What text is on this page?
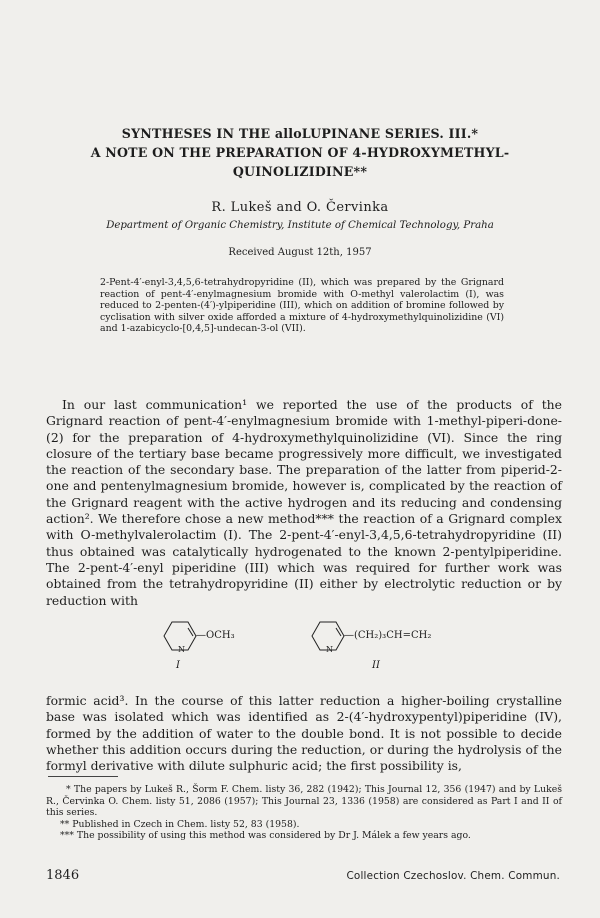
SYNTHESES IN THE alloLUPINANE SERIES. III.*
A NOTE ON THE PREPARATION OF 4-HYDROXYMETHYL-
QUINOLIZIDINE**
R. Lukeš and O. Červinka
Department of Organic Chemistry, Institute of Chemical Technology, Praha
Received August 12th, 1957

2-Pent-4′-enyl-3,4,5,6-tetrahydropyridine (II), which was prepared by the Grignard reaction of pent-4′-enylmagnesium bromide with O-methyl valerolactim (I), was reduced to 2-penten-(4′)-ylpiperidine (III), which on addition of bromine followed by cyclisation with silver oxide afforded a mixture of 4-hydroxymethylquinolizidine (VI) and 1-azabicyclo-[0,4,5]-undecan-3-ol (VII).

In our last communication¹ we reported the use of the products of the Grignard reaction of pent-4′-enylmagnesium bromide with 1-methyl-piperi-done-(2) for the preparation of 4-hydroxymethylquinolizidine (VI). Since the ring closure of the tertiary base became progressively more difficult, we investigated the reaction of the secondary base. The preparation of the latter from piperid-2-one and pentenylmagnesium bromide, however is, complicated by the reaction of the Grignard reagent with the active hydrogen and its reducing and condensing action². We therefore chose a new method*** the reaction of a Grignard complex with O-methylvalerolactim (I). The 2-pent-4′-enyl-3,4,5,6-tetrahydropyridine (II) thus obtained was catalytically hydrogenated to the known 2-pentylpiperidine. The 2-pent-4′-enyl piperidine (III) which was required for further work was obtained from the tetrahydropyridine (II) either by electrolytic reduction or by reduction with

N
—OCH₃
I
N
—(CH₂)₃CH=CH₂
II

formic acid³. In the course of this latter reduction a higher-boiling crystalline base was isolated which was identified as 2-(4′-hydroxypentyl)piperidine (IV), formed by the addition of water to the double bond. It is not possible to decide whether this addition occurs during the reduction, or during the hydrolysis of the formyl derivative with dilute sulphuric acid; the first possibility is,

* The papers by Lukeš R., Šorm F. Chem. listy 36, 282 (1942); This Journal 12, 356 (1947) and by Lukeš R., Červinka O. Chem. listy 51, 2086 (1957); This Journal 23, 1336 (1958) are considered as Part I and II of this series.

** Published in Czech in Chem. listy 52, 83 (1958).

*** The possibility of using this method was considered by Dr J. Málek a few years ago.

1846	Collection Czechoslov. Chem. Commun.
